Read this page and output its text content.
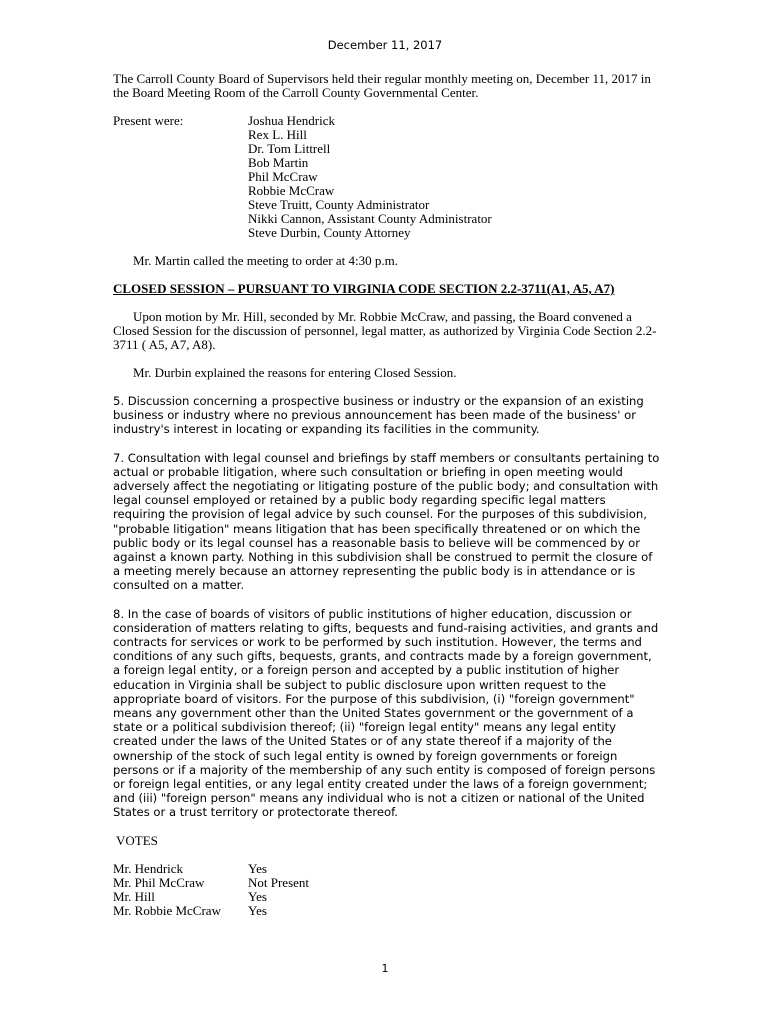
December 11, 2017

The Carroll County Board of Supervisors held their regular monthly meeting on, December 11, 2017 in the Board Meeting Room of the Carroll County Governmental Center.

Present were:	Joshua Hendrick
Rex L. Hill
Dr. Tom Littrell
Bob Martin
Phil McCraw
Robbie McCraw
Steve Truitt, County Administrator
Nikki Cannon, Assistant County Administrator
Steve Durbin, County Attorney

Mr. Martin called the meeting to order at 4:30 p.m.

CLOSED SESSION – PURSUANT TO VIRGINIA CODE SECTION 2.2-3711(A1, A5, A7)

Upon motion by Mr. Hill, seconded by Mr. Robbie McCraw, and passing, the Board convened a Closed Session for the discussion of personnel, legal matter, as authorized by Virginia Code Section 2.2-3711 ( A5, A7, A8).

Mr. Durbin explained the reasons for entering Closed Session.

5. Discussion concerning a prospective business or industry or the expansion of an existing business or industry where no previous announcement has been made of the business' or industry's interest in locating or expanding its facilities in the community.

7. Consultation with legal counsel and briefings by staff members or consultants pertaining to actual or probable litigation, where such consultation or briefing in open meeting would adversely affect the negotiating or litigating posture of the public body; and consultation with legal counsel employed or retained by a public body regarding specific legal matters requiring the provision of legal advice by such counsel. For the purposes of this subdivision, "probable litigation" means litigation that has been specifically threatened or on which the public body or its legal counsel has a reasonable basis to believe will be commenced by or against a known party. Nothing in this subdivision shall be construed to permit the closure of a meeting merely because an attorney representing the public body is in attendance or is consulted on a matter.

8. In the case of boards of visitors of public institutions of higher education, discussion or consideration of matters relating to gifts, bequests and fund-raising activities, and grants and contracts for services or work to be performed by such institution. However, the terms and conditions of any such gifts, bequests, grants, and contracts made by a foreign government, a foreign legal entity, or a foreign person and accepted by a public institution of higher education in Virginia shall be subject to public disclosure upon written request to the appropriate board of visitors. For the purpose of this subdivision, (i) "foreign government" means any government other than the United States government or the government of a state or a political subdivision thereof; (ii) "foreign legal entity" means any legal entity created under the laws of the United States or of any state thereof if a majority of the ownership of the stock of such legal entity is owned by foreign governments or foreign persons or if a majority of the membership of any such entity is composed of foreign persons or foreign legal entities, or any legal entity created under the laws of a foreign government; and (iii) "foreign person" means any individual who is not a citizen or national of the United States or a trust territory or protectorate thereof.

VOTES

Mr. Hendrick	Yes
Mr. Phil McCraw	Not Present
Mr. Hill	Yes
Mr. Robbie McCraw	Yes
1
